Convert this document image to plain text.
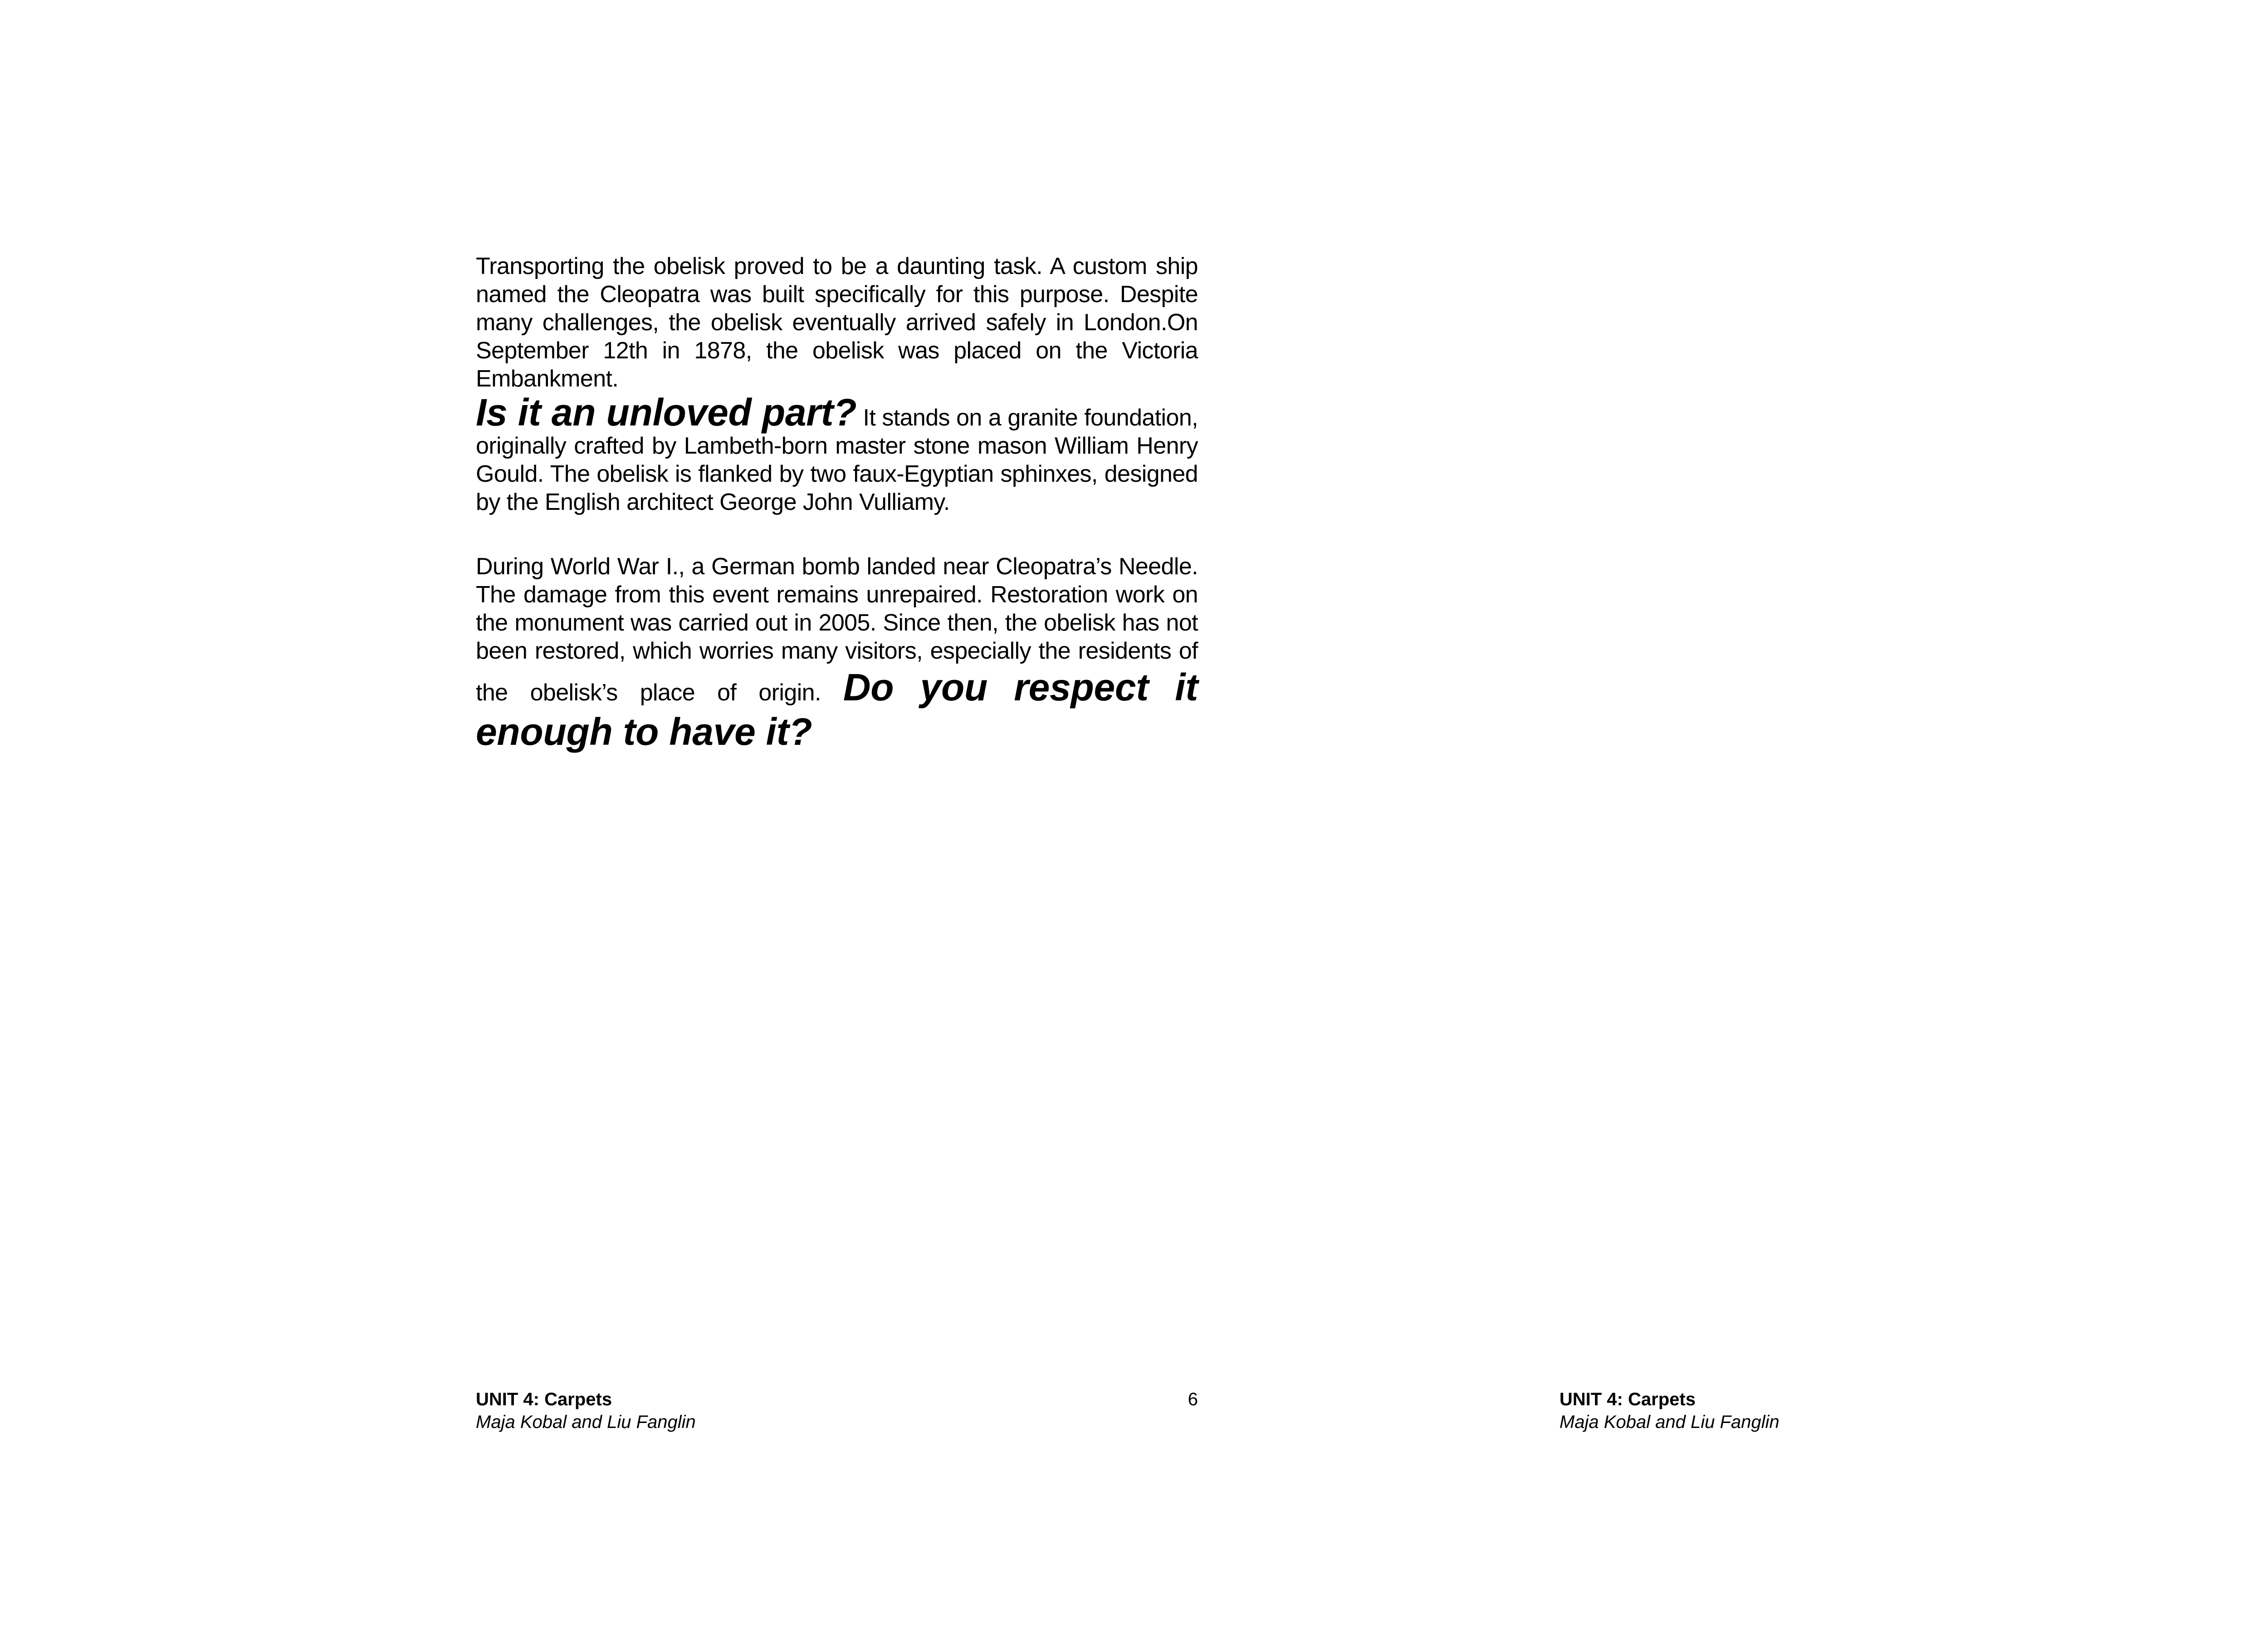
Transporting the obelisk proved to be a daunting task. A custom ship named the Cleopatra was built specifically for this purpose. Despite many challenges, the obelisk eventually arrived safely in London.On September 12th in 1878, the obelisk was placed on the Victoria Embankment.

Is it an unloved part? It stands on a granite foundation, originally crafted by Lambeth-born master stone mason William Henry Gould. The obelisk is flanked by two faux-Egyptian sphinxes, designed by the English architect George John Vulliamy.

During World War I., a German bomb landed near Cleopatra’s Needle. The damage from this event remains unrepaired. Restoration work on the monument was carried out in 2005. Since then, the obelisk has not been restored, which worries many visitors, especially the residents of the obelisk’s place of origin. Do you respect it enough to have it?

UNIT 4: Carpets
Maja Kobal and Liu Fanglin
6	UNIT 4: Carpets
Maja Kobal and Liu Fanglin
